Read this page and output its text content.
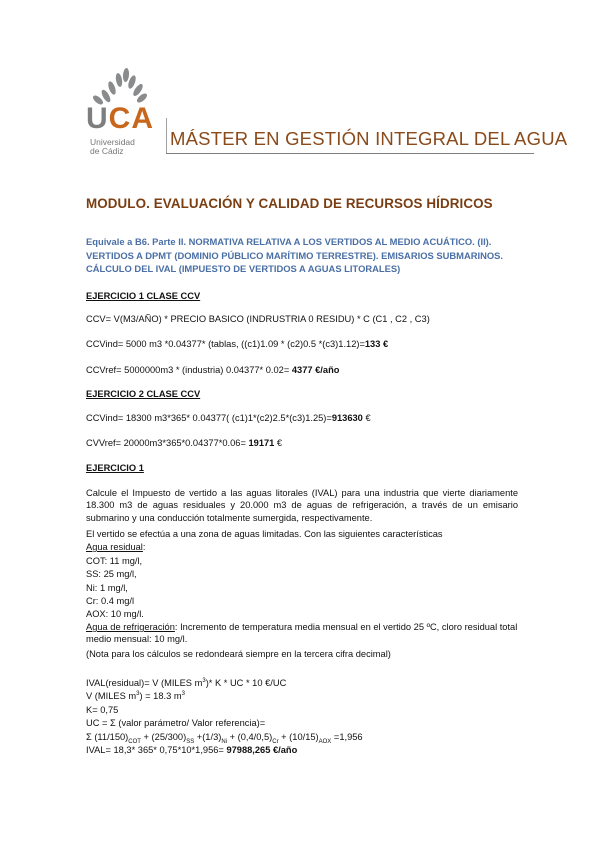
UCA
Universidad
de Cádiz
MÁSTER EN GESTIÓN INTEGRAL DEL AGUA
MODULO. EVALUACIÓN Y CALIDAD DE RECURSOS HÍDRICOS
Equivale a B6. Parte II. NORMATIVA RELATIVA A LOS VERTIDOS AL MEDIO ACUÁTICO. (II). VERTIDOS A DPMT (DOMINIO PÚBLICO MARÍTIMO TERRESTRE). EMISARIOS SUBMARINOS. CÁLCULO DEL IVAL (IMPUESTO DE VERTIDOS A AGUAS LITORALES)
EJERCICIO 1 CLASE CCV
CCV= V(M3/AÑO) * PRECIO BASICO (INDRUSTRIA 0 RESIDU) * C (C1 , C2 , C3)
CCVind= 5000 m3 *0.04377* (tablas, ((c1)1.09 * (c2)0.5 *(c3)1.12)=133 €
CCVref= 5000000m3 * (industria) 0.04377* 0.02= 4377 €/año
EJERCICIO 2 CLASE CCV
CCVind= 18300 m3*365* 0.04377( (c1)1*(c2)2.5*(c3)1.25)=913630 €
CVVref= 20000m3*365*0.04377*0.06= 19171 €
EJERCICIO 1
Calcule el Impuesto de vertido a las aguas litorales (IVAL) para una industria que vierte diariamente 18.300 m3 de aguas residuales y 20.000 m3 de aguas de refrigeración, a través de un emisario submarino y una conducción totalmente sumergida, respectivamente.
El vertido se efectúa a una zona de aguas limitadas. Con las siguientes características
Agua residual:
COT: 11 mg/l,
SS: 25 mg/l,
Ni: 1 mg/l,
Cr: 0.4 mg/l
AOX: 10 mg/l.
Agua de refrigeración: Incremento de temperatura media mensual en el vertido 25 ºC, cloro residual total medio mensual: 10 mg/l.
(Nota para los cálculos se redondeará siempre en la tercera cifra decimal)
IVAL(residual)= V (MILES $m^3)*$ K * UC * 10 €/UC
V (MILES $m^3) = 18.3$ $m^3$
K= 0,75
UC = Σ (valor parámetro/ Valor referencia)=
Σ $(11/150)_{COT} + (25/300)_{SS} +(1/3)_{Ni} + (0,4/0,5)_{Cr} + (10/15)_{AOX} =1,956$
IVAL= 18,3* 365* 0,75*10*1,956= 97988,265 €/año
